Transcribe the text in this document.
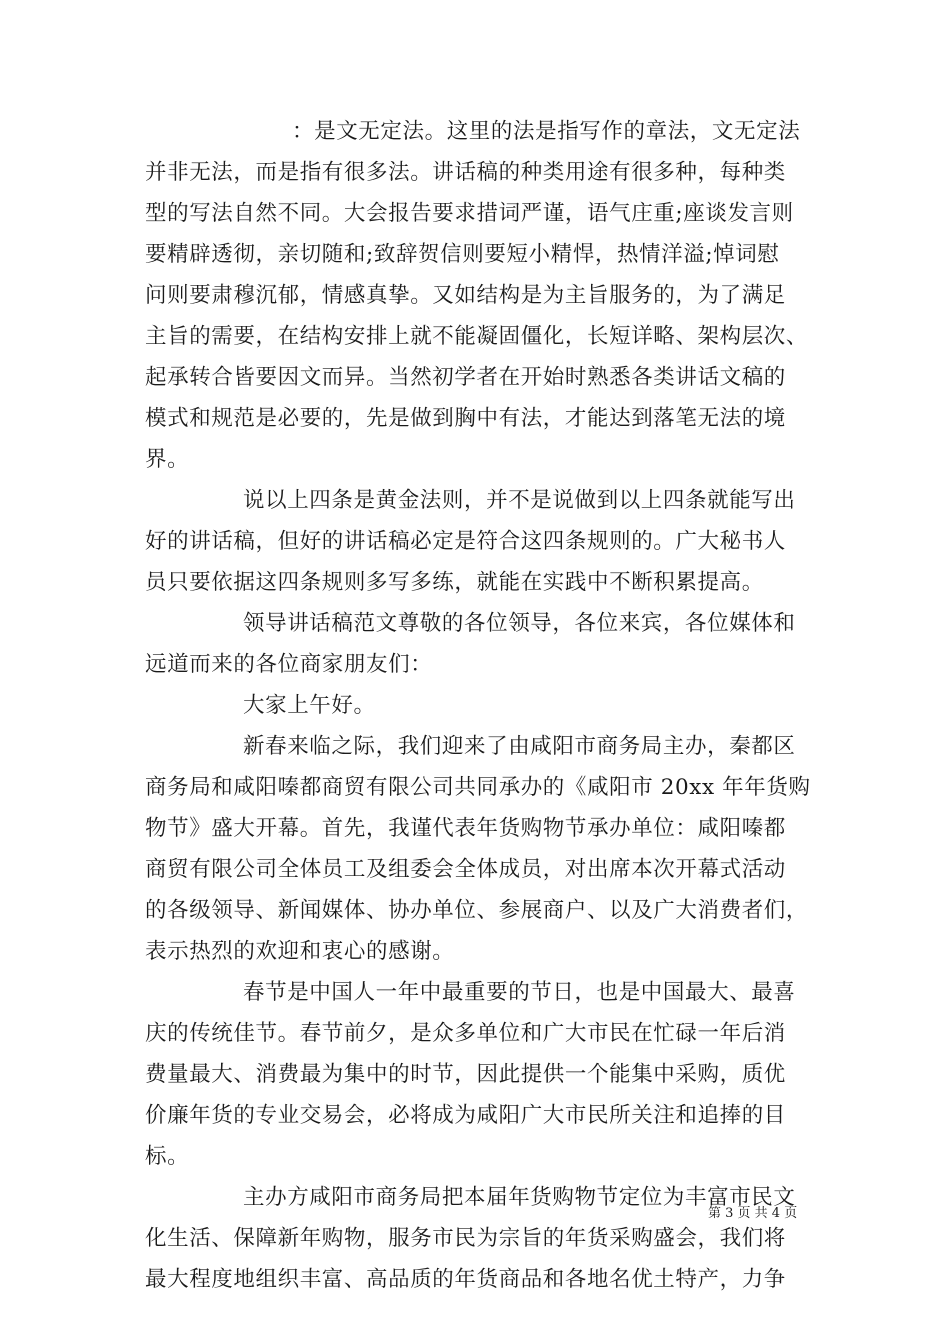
：是文无定法。这里的法是指写作的章法，文无定法
并非无法，而是指有很多法。讲话稿的种类用途有很多种，每种类
型的写法自然不同。大会报告要求措词严谨，语气庄重;座谈发言则
要精辟透彻，亲切随和;致辞贺信则要短小精悍，热情洋溢;悼词慰
问则要肃穆沉郁，情感真挚。又如结构是为主旨服务的，为了满足
主旨的需要，在结构安排上就不能凝固僵化，长短详略、架构层次、
起承转合皆要因文而异。当然初学者在开始时熟悉各类讲话文稿的
模式和规范是必要的，先是做到胸中有法，才能达到落笔无法的境
界。
说以上四条是黄金法则，并不是说做到以上四条就能写出
好的讲话稿，但好的讲话稿必定是符合这四条规则的。广大秘书人
员只要依据这四条规则多写多练，就能在实践中不断积累提高。
领导讲话稿范文尊敬的各位领导，各位来宾，各位媒体和
远道而来的各位商家朋友们：
大家上午好。
新春来临之际，我们迎来了由咸阳市商务局主办，秦都区
商务局和咸阳嗪都商贸有限公司共同承办的《咸阳市 20xx 年年货购
物节》盛大开幕。首先，我谨代表年货购物节承办单位：咸阳嗪都
商贸有限公司全体员工及组委会全体成员，对出席本次开幕式活动
的各级领导、新闻媒体、协办单位、参展商户、以及广大消费者们，
表示热烈的欢迎和衷心的感谢。
春节是中国人一年中最重要的节日，也是中国最大、最喜
庆的传统佳节。春节前夕，是众多单位和广大市民在忙碌一年后消
费量最大、消费最为集中的时节，因此提供一个能集中采购，质优
价廉年货的专业交易会，必将成为咸阳广大市民所关注和追捧的目
标。
主办方咸阳市商务局把本届年货购物节定位为丰富市民文
化生活、保障新年购物，服务市民为宗旨的年货采购盛会，我们将
最大程度地组织丰富、高品质的年货商品和各地名优土特产，力争
第 3 页 共 4 页
